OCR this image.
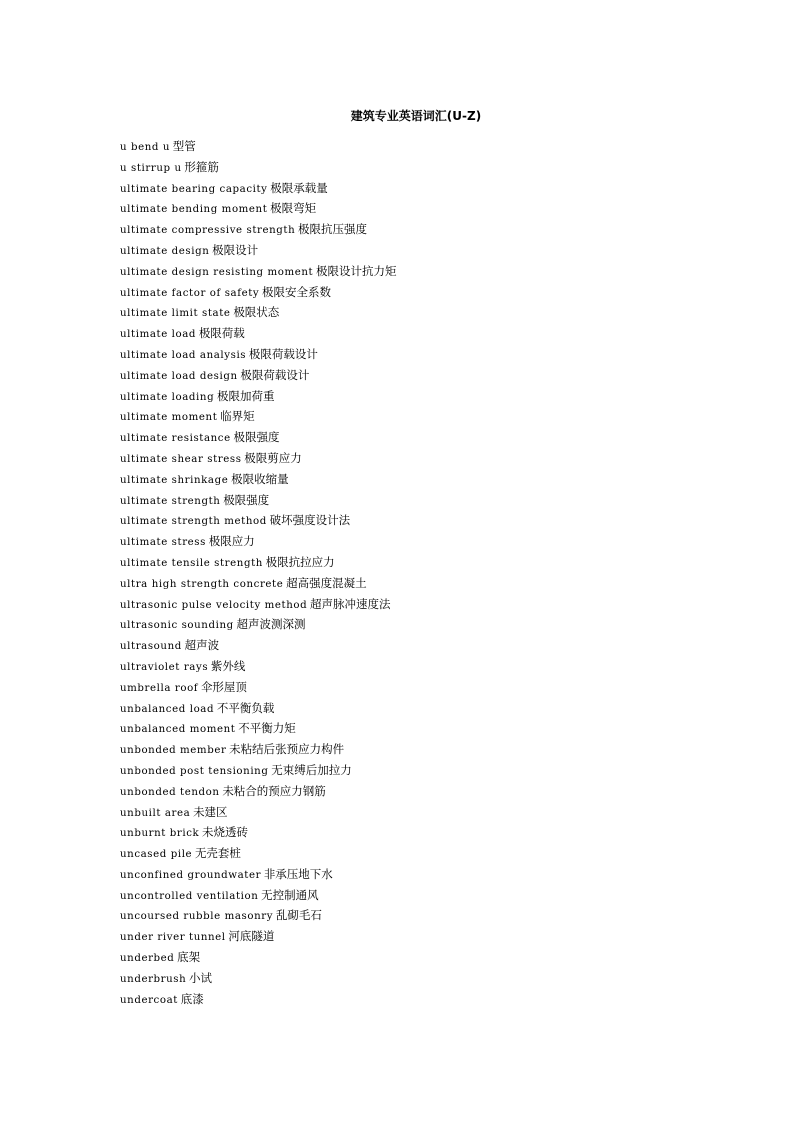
建筑专业英语词汇(U-Z)
u bend u 型管
u stirrup u 形箍筋
ultimate bearing capacity 极限承载量
ultimate bending moment 极限弯矩
ultimate compressive strength 极限抗压强度
ultimate design 极限设计
ultimate design resisting moment 极限设计抗力矩
ultimate factor of safety 极限安全系数
ultimate limit state 极限状态
ultimate load 极限荷载
ultimate load analysis 极限荷载设计
ultimate load design 极限荷载设计
ultimate loading 极限加荷重
ultimate moment 临界矩
ultimate resistance 极限强度
ultimate shear stress 极限剪应力
ultimate shrinkage 极限收缩量
ultimate strength 极限强度
ultimate strength method 破坏强度设计法
ultimate stress 极限应力
ultimate tensile strength 极限抗拉应力
ultra high strength concrete 超高强度混凝土
ultrasonic pulse velocity method 超声脉冲速度法
ultrasonic sounding 超声波测深测
ultrasound 超声波
ultraviolet rays 紫外线
umbrella roof 伞形屋顶
unbalanced load 不平衡负载
unbalanced moment 不平衡力矩
unbonded member 未粘结后张预应力构件
unbonded post tensioning 无束缚后加拉力
unbonded tendon 未粘合的预应力钢筋
unbuilt area 未建区
unburnt brick 未烧透砖
uncased pile 无壳套桩
unconfined groundwater 非承压地下水
uncontrolled ventilation 无控制通风
uncoursed rubble masonry 乱砌毛石
under river tunnel 河底隧道
underbed 底架
underbrush 小试
undercoat 底漆
